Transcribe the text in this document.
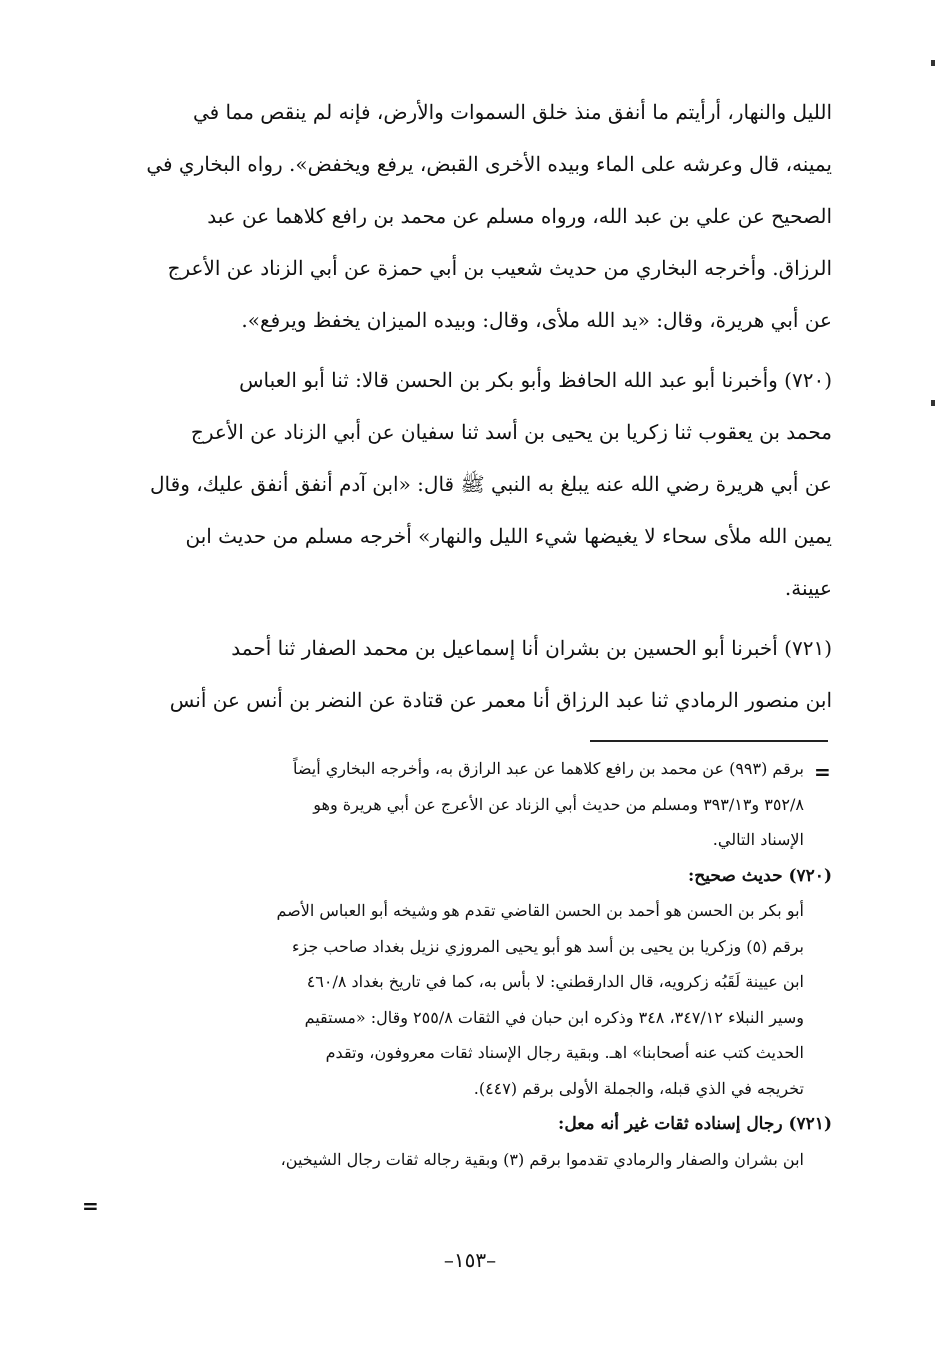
الليل والنهار، أرأيتم ما أنفق منذ خلق السموات والأرض، فإنه لم ينقص مما في
يمينه، قال وعرشه على الماء وبيده الأخرى القبض، يرفع ويخفض». رواه البخاري في
الصحيح عن علي بن عبد الله، ورواه مسلم عن محمد بن رافع كلاهما عن عبد
الرزاق. وأخرجه البخاري من حديث شعيب بن أبي حمزة عن أبي الزناد عن الأعرج
عن أبي هريرة، وقال: «يد الله ملأى، وقال: وبيده الميزان يخفظ ويرفع».
(٧٢٠) وأخبرنا أبو عبد الله الحافظ وأبو بكر بن الحسن قالا: ثنا أبو العباس
محمد بن يعقوب ثنا زكريا بن يحيى بن أسد ثنا سفيان عن أبي الزناد عن الأعرج
عن أبي هريرة رضي الله عنه يبلغ به النبي ﷺ قال: «ابن آدم أنفق أنفق عليك، وقال
يمين الله ملأى سحاء لا يغيضها شيء الليل والنهار» أخرجه مسلم من حديث ابن
عيينة.
(٧٢١) أخبرنا أبو الحسين بن بشران أنا إسماعيل بن محمد الصفار ثنا أحمد
ابن منصور الرمادي ثنا عبد الرزاق أنا معمر عن قتادة عن النضر بن أنس عن أنس
=
برقم (٩٩٣) عن محمد بن رافع كلاهما عن عبد الرازق به، وأخرجه البخاري أيضاً
٣٥٢/٨ و٣٩٣/١٣ ومسلم من حديث أبي الزناد عن الأعرج عن أبي هريرة وهو
الإسناد التالي.
(٧٢٠) حديث صحيح:
أبو بكر بن الحسن هو أحمد بن الحسن القاضي تقدم هو وشيخه أبو العباس الأصم
برقم (٥) وزكريا بن يحيى بن أسد هو أبو يحيى المروزي نزيل بغداد صاحب جزء
ابن عيينة لَقَبُه زكرويه، قال الدارقطني: لا بأس به، كما في تاريخ بغداد ٤٦٠/٨
وسير النبلاء ٣٤٧/١٢، ٣٤٨ وذكره ابن حبان في الثقات ٢٥٥/٨ وقال: «مستقيم
الحديث كتب عنه أصحابنا» اهـ. وبقية رجال الإسناد ثقات معروفون، وتقدم
تخريجه في الذي قبله، والجملة الأولى برقم (٤٤٧).
(٧٢١) رجال إسناده ثقات غير أنه معل:
ابن بشران والصفار والرمادي تقدموا برقم (٣) وبقية رجاله ثقات رجال الشيخين،
=
–١٥٣–
